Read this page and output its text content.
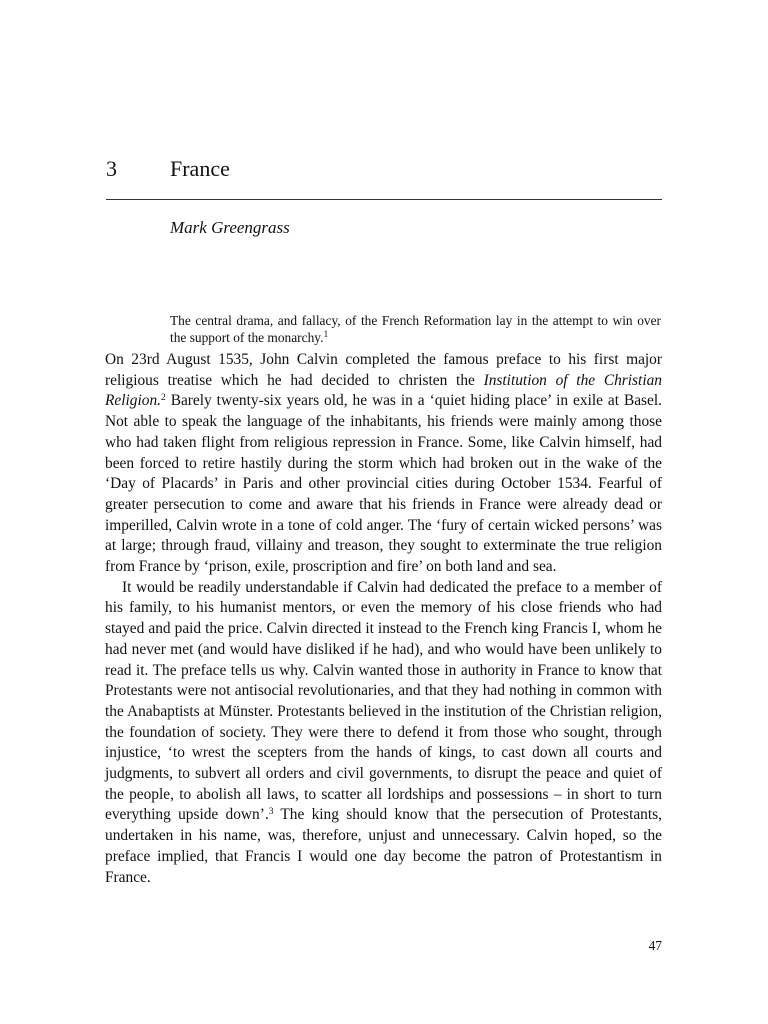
3 France
Mark Greengrass
The central drama, and fallacy, of the French Reformation lay in the attempt to win over the support of the monarchy.$^1$

On 23rd August 1535, John Calvin completed the famous preface to his first major religious treatise which he had decided to christen the Institution of the Christian Religion.$^2$ Barely twenty-six years old, he was in a ‘quiet hiding place’ in exile at Basel. Not able to speak the language of the inhabitants, his friends were mainly among those who had taken flight from religious repression in France. Some, like Calvin himself, had been forced to retire hastily during the storm which had broken out in the wake of the ‘Day of Placards’ in Paris and other provincial cities during October 1534. Fearful of greater persecution to come and aware that his friends in France were already dead or imperilled, Calvin wrote in a tone of cold anger. The ‘fury of certain wicked persons’ was at large; through fraud, villainy and treason, they sought to exterminate the true religion from France by ‘prison, exile, proscription and fire’ on both land and sea.

It would be readily understandable if Calvin had dedicated the preface to a member of his family, to his humanist mentors, or even the memory of his close friends who had stayed and paid the price. Calvin directed it instead to the French king Francis I, whom he had never met (and would have disliked if he had), and who would have been unlikely to read it. The preface tells us why. Calvin wanted those in authority in France to know that Protestants were not antisocial revolutionaries, and that they had nothing in common with the Anabaptists at Münster. Protestants believed in the institution of the Christian religion, the foundation of society. They were there to defend it from those who sought, through injustice, ‘to wrest the scepters from the hands of kings, to cast down all courts and judgments, to subvert all orders and civil governments, to disrupt the peace and quiet of the people, to abolish all laws, to scatter all lordships and possessions – in short to turn everything upside down’.$^3$ The king should know that the persecution of Protestants, undertaken in his name, was, therefore, unjust and unnecessary. Calvin hoped, so the preface implied, that Francis I would one day become the patron of Protestantism in France.

47
